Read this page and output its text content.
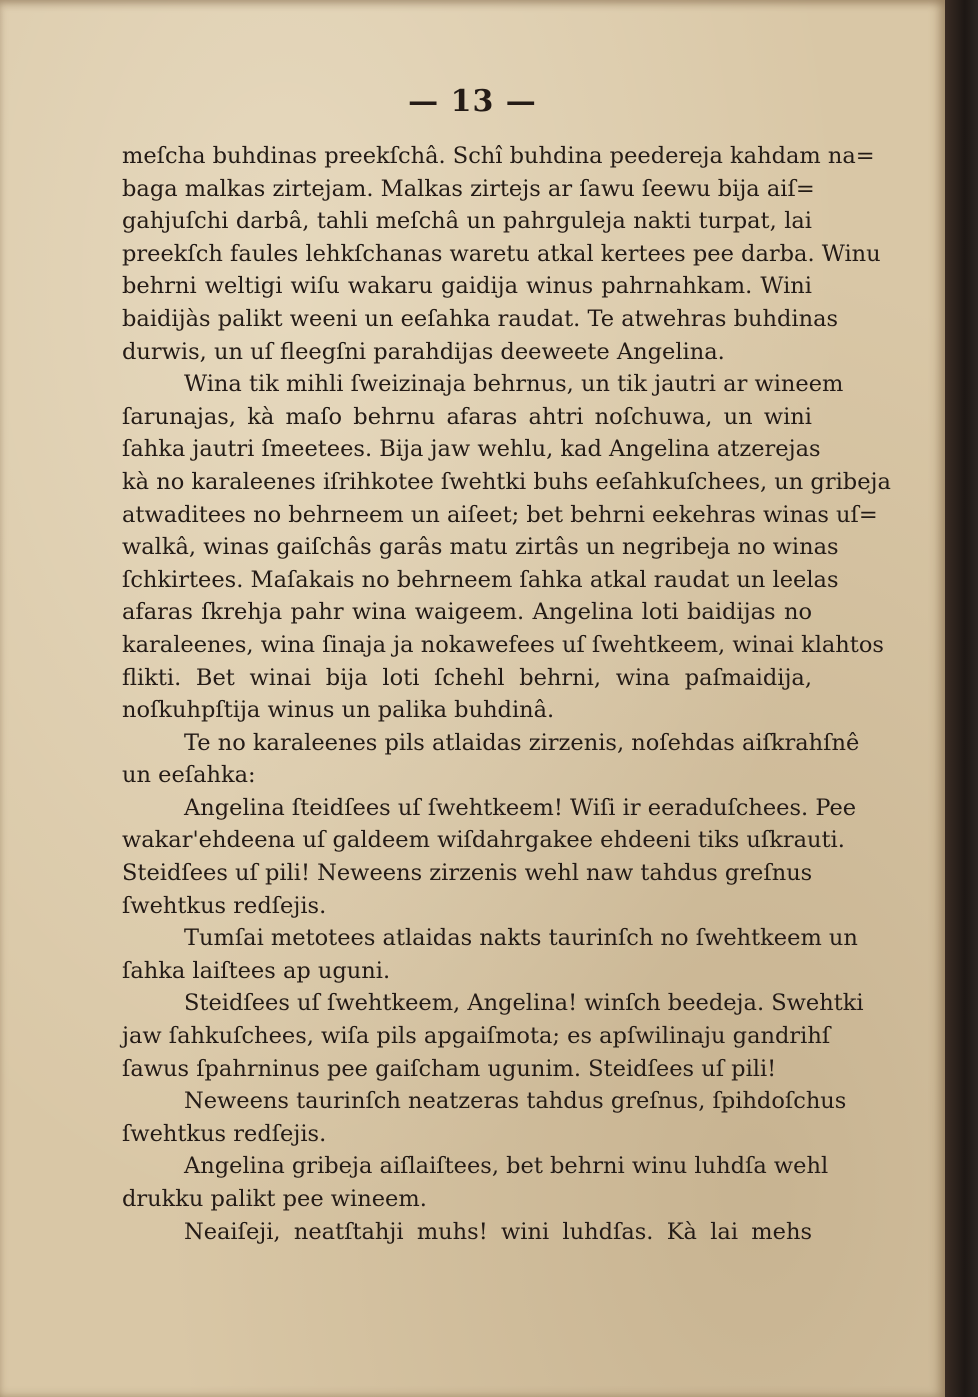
— 13 —
meſcha buhdinas preekſchâ. Schî buhdina peedereja kahdam na=
baga malkas zirtejam. Malkas zirtejs ar ſawu ſeewu bija aiſ=
gahjuſchi darbâ, tahli meſchâ un pahrguleja nakti turpat, lai
preekſch faules lehkſchanas waretu atkal kertees pee darba. Winu
behrni weltigi wiſu wakaru gaidija winus pahrnahkam. Wini
baidijàs palikt weeni un eeſahka raudat. Te atwehras buhdinas
durwis, un uſ fleegſni parahdijas deeweete Angelina.
Wina tik mihli ſweizinaja behrnus, un tik jautri ar wineem
ſarunajas, kà maſo behrnu afaras ahtri noſchuwa, un wini
ſahka jautri ſmeetees. Bija jaw wehlu, kad Angelina atzerejas
kà no karaleenes iſrihkotee ſwehtki buhs eeſahkuſchees, un gribeja
atwaditees no behrneem un aiſeet; bet behrni eekehras winas uſ=
walkâ, winas gaiſchâs garâs matu zirtâs un negribeja no winas
ſchkirtees. Maſakais no behrneem ſahka atkal raudat un leelas
afaras ſkrehja pahr wina waigeem. Angelina loti baidijas no
karaleenes, wina ſinaja ja nokawefees uſ ſwehtkeem, winai klahtos
flikti. Bet winai bija loti ſchehl behrni, wina paſmaidija,
noſkuhpſtija winus un palika buhdinâ.
Te no karaleenes pils atlaidas zirzenis, noſehdas aiſkrahſnê
un eeſahka:
Angelina ſteidſees uſ ſwehtkeem! Wiſi ir eeraduſchees. Pee
wakar'ehdeena uſ galdeem wiſdahrgakee ehdeeni tiks uſkrauti.
Steidſees uſ pili! Neweens zirzenis wehl naw tahdus greſnus
ſwehtkus redſejis.
Tumſai metotees atlaidas nakts taurinſch no ſwehtkeem un
ſahka laiſtees ap uguni.
Steidſees uſ ſwehtkeem, Angelina! winſch beedeja. Swehtki
jaw ſahkuſchees, wiſa pils apgaiſmota; es apſwilinaju gandrihſ
ſawus ſpahrninus pee gaiſcham ugunim. Steidſees uſ pili!
Neweens taurinſch neatzeras tahdus greſnus, ſpihdoſchus
ſwehtkus redſejis.
Angelina gribeja aiſlaiſtees, bet behrni winu luhdſa wehl
drukku palikt pee wineem.
Neaiſeji, neatſtahji muhs! wini luhdſas. Kà lai mehs
